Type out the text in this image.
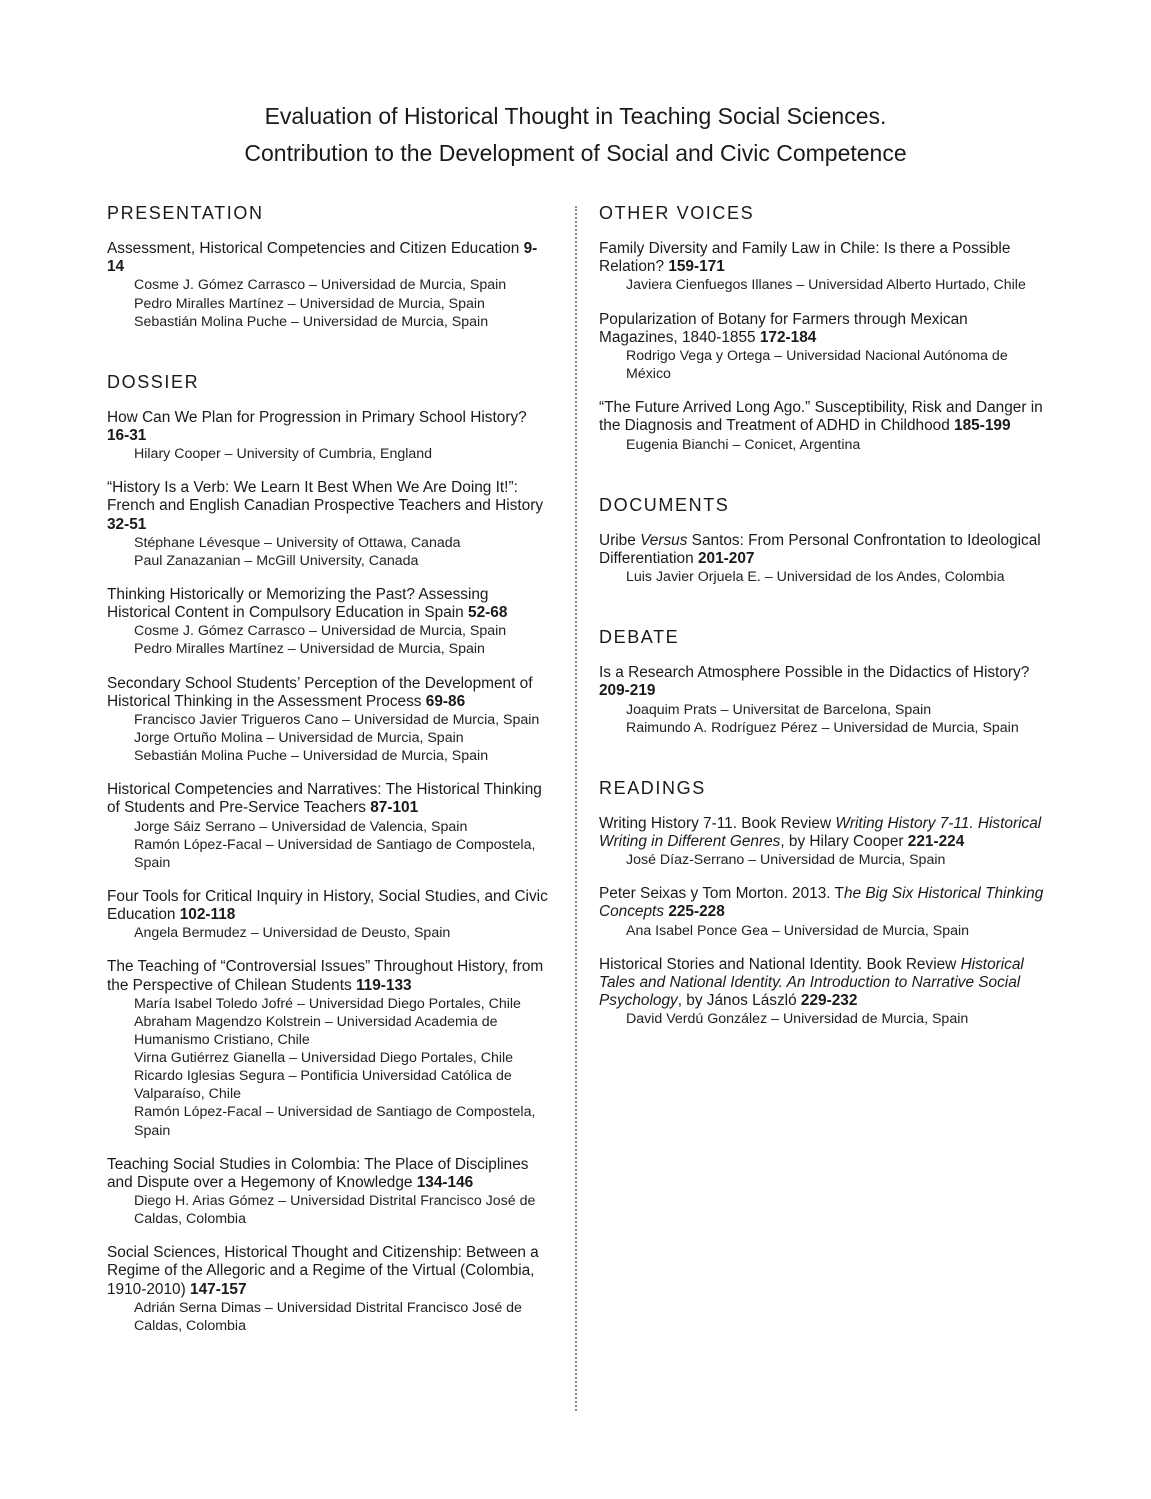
Evaluation of Historical Thought in Teaching Social Sciences.
Contribution to the Development of Social and Civic Competence
PRESENTATION
Assessment, Historical Competencies and Citizen Education 9-14
Cosme J. Gómez Carrasco – Universidad de Murcia, Spain
Pedro Miralles Martínez – Universidad de Murcia, Spain
Sebastián Molina Puche – Universidad de Murcia, Spain
DOSSIER
How Can We Plan for Progression in Primary School History? 16-31
Hilary Cooper – University of Cumbria, England
“History Is a Verb: We Learn It Best When We Are Doing It!”: French and English Canadian Prospective Teachers and History 32-51
Stéphane Lévesque – University of Ottawa, Canada
Paul Zanazanian – McGill University, Canada
Thinking Historically or Memorizing the Past? Assessing Historical Content in Compulsory Education in Spain 52-68
Cosme J. Gómez Carrasco – Universidad de Murcia, Spain
Pedro Miralles Martínez – Universidad de Murcia, Spain
Secondary School Students’ Perception of the Development of Historical Thinking in the Assessment Process 69-86
Francisco Javier Trigueros Cano – Universidad de Murcia, Spain
Jorge Ortuño Molina – Universidad de Murcia, Spain
Sebastián Molina Puche – Universidad de Murcia, Spain
Historical Competencies and Narratives: The Historical Thinking of Students and Pre-Service Teachers 87-101
Jorge Sáiz Serrano – Universidad de Valencia, Spain
Ramón López-Facal – Universidad de Santiago de Compostela, Spain
Four Tools for Critical Inquiry in History, Social Studies, and Civic Education 102-118
Angela Bermudez – Universidad de Deusto, Spain
The Teaching of “Controversial Issues” Throughout History, from the Perspective of Chilean Students 119-133
María Isabel Toledo Jofré – Universidad Diego Portales, Chile
Abraham Magendzo Kolstrein – Universidad Academia de Humanismo Cristiano, Chile
Virna Gutiérrez Gianella – Universidad Diego Portales, Chile
Ricardo Iglesias Segura – Pontificia Universidad Católica de Valparaíso, Chile
Ramón López-Facal – Universidad de Santiago de Compostela, Spain
Teaching Social Studies in Colombia: The Place of Disciplines and Dispute over a Hegemony of Knowledge 134-146
Diego H. Arias Gómez – Universidad Distrital Francisco José de Caldas, Colombia
Social Sciences, Historical Thought and Citizenship: Between a Regime of the Allegoric and a Regime of the Virtual (Colombia, 1910-2010) 147-157
Adrián Serna Dimas – Universidad Distrital Francisco José de Caldas, Colombia
OTHER VOICES
Family Diversity and Family Law in Chile: Is there a Possible Relation? 159-171
Javiera Cienfuegos Illanes – Universidad Alberto Hurtado, Chile
Popularization of Botany for Farmers through Mexican Magazines, 1840-1855 172-184
Rodrigo Vega y Ortega – Universidad Nacional Autónoma de México
“The Future Arrived Long Ago.” Susceptibility, Risk and Danger in the Diagnosis and Treatment of ADHD in Childhood 185-199
Eugenia Bianchi – Conicet, Argentina
DOCUMENTS
Uribe Versus Santos: From Personal Confrontation to Ideological Differentiation 201-207
Luis Javier Orjuela E. – Universidad de los Andes, Colombia
DEBATE
Is a Research Atmosphere Possible in the Didactics of History? 209-219
Joaquim Prats – Universitat de Barcelona, Spain
Raimundo A. Rodríguez Pérez – Universidad de Murcia, Spain
READINGS
Writing History 7-11. Book Review Writing History 7-11. Historical Writing in Different Genres, by Hilary Cooper 221-224
José Díaz-Serrano – Universidad de Murcia, Spain
Peter Seixas y Tom Morton. 2013. The Big Six Historical Thinking Concepts 225-228
Ana Isabel Ponce Gea – Universidad de Murcia, Spain
Historical Stories and National Identity. Book Review Historical Tales and National Identity. An Introduction to Narrative Social Psychology, by János László 229-232
David Verdú González – Universidad de Murcia, Spain
